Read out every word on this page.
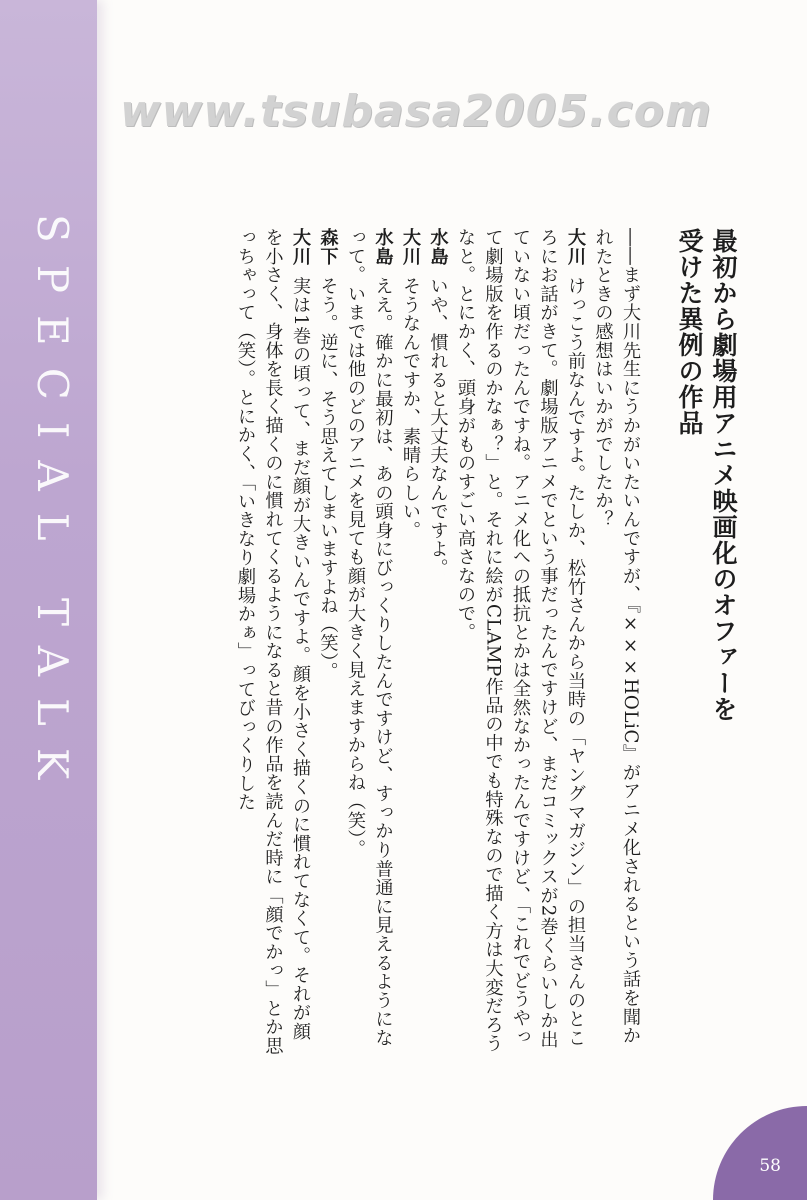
SPECIAL TALK
www.tsubasa2005.com
最初から劇場用アニメ映画化のオファーを
受けた異例の作品

――まず大川先生にうかがいたいんですが、『×××HOLiC』がアニメ化されるという話を聞かれたときの感想はいかがでしたか？

大川けっこう前なんですよ。たしか、松竹さんから当時の「ヤングマガジン」の担当さんのところにお話がきて。劇場版アニメでという事だったんですけど、まだコミックスが2巻くらいしか出ていない頃だったんですね。アニメ化への抵抗とかは全然なかったんですけど、「これでどうやって劇場版を作るのかなぁ？」と。それに絵がCLAMP作品の中でも特殊なので描く方は大変だろうなと。とにかく、頭身がものすごい高さなので。

水島いや、慣れると大丈夫なんですよ。

大川そうなんですか、素晴らしい。

水島ええ。確かに最初は、あの頭身にびっくりしたんですけど、すっかり普通に見えるようになって。いまでは他のどのアニメを見ても顔が大きく見えますからね（笑）。

森下そう。逆に、そう思えてしまいますよね（笑）。

大川実は1巻の頃って、まだ顔が大きいんですよ。顔を小さく描くのに慣れてなくて。それが顔を小さく、身体を長く描くのに慣れてくるようになると昔の作品を読んだ時に「顔でかっ」とか思っちゃって（笑）。とにかく、「いきなり劇場かぁ」ってびっくりした

58
